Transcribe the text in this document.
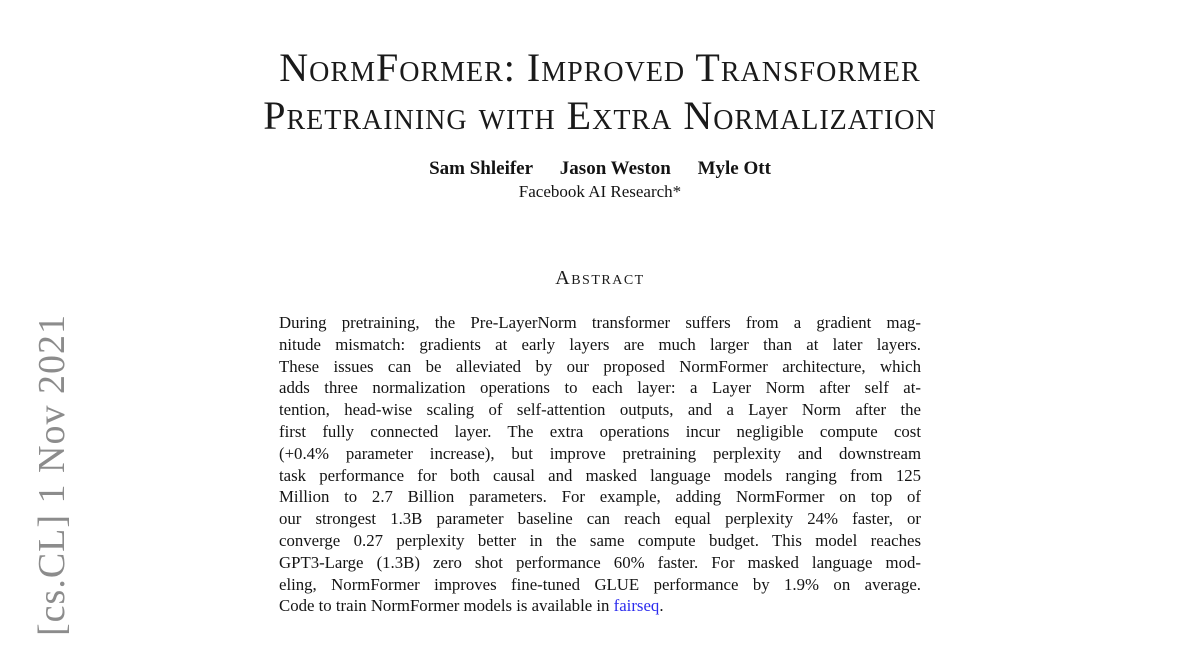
[cs.CL] 1 Nov 2021
NormFormer: Improved Transformer
Pretraining with Extra Normalization
Sam Shleifer Jason Weston Myle Ott
Facebook AI Research*
Abstract
During pretraining, the Pre-LayerNorm transformer suffers from a gradient mag-
nitude mismatch: gradients at early layers are much larger than at later layers.
These issues can be alleviated by our proposed NormFormer architecture, which
adds three normalization operations to each layer: a Layer Norm after self at-
tention, head-wise scaling of self-attention outputs, and a Layer Norm after the
first fully connected layer. The extra operations incur negligible compute cost
(+0.4% parameter increase), but improve pretraining perplexity and downstream
task performance for both causal and masked language models ranging from 125
Million to 2.7 Billion parameters. For example, adding NormFormer on top of
our strongest 1.3B parameter baseline can reach equal perplexity 24% faster, or
converge 0.27 perplexity better in the same compute budget. This model reaches
GPT3-Large (1.3B) zero shot performance 60% faster. For masked language mod-
eling, NormFormer improves fine-tuned GLUE performance by 1.9% on average.
Code to train NormFormer models is available in fairseq.
